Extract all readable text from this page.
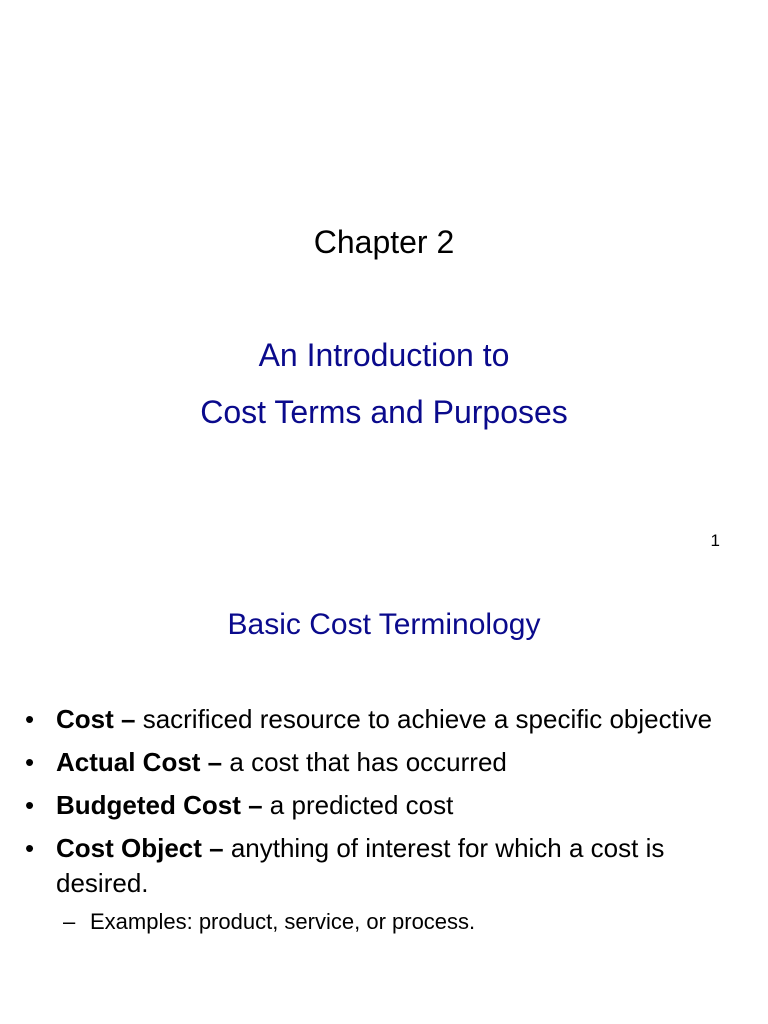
Chapter 2
An Introduction to
Cost Terms and Purposes
1
Basic Cost Terminology
• Cost – sacrificed resource to achieve a specific objective
• Actual Cost – a cost that has occurred
• Budgeted Cost – a predicted cost
• Cost Object – anything of interest for which a cost is desired.
– Examples: product, service, or process.
